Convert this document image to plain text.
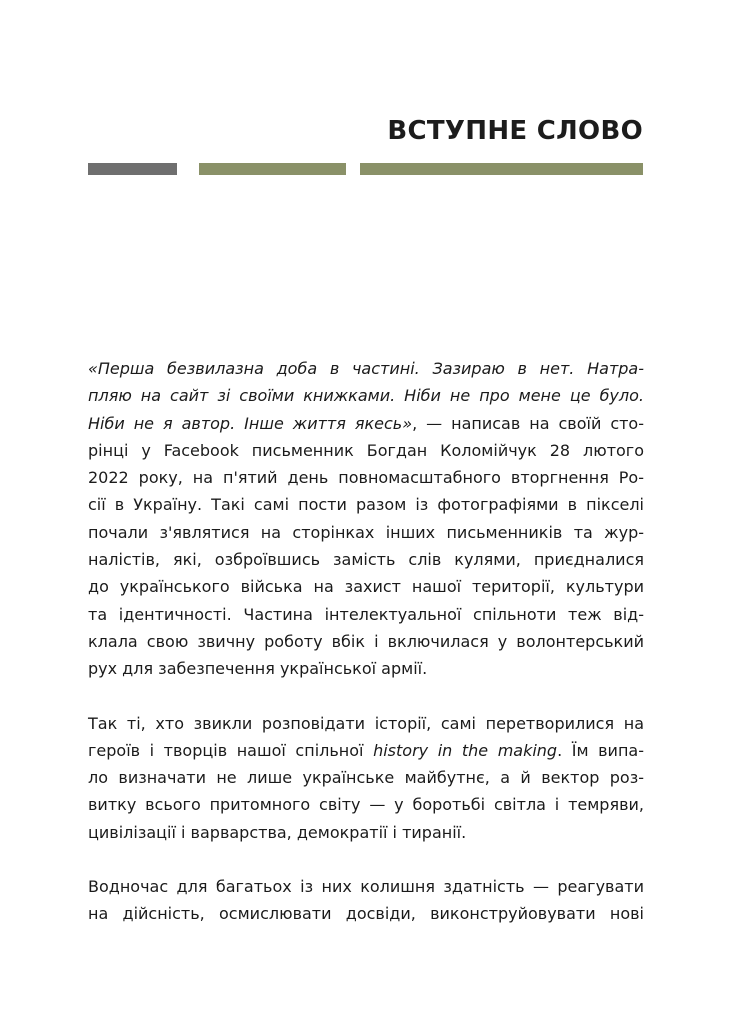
ВСТУПНЕ СЛОВО
«Перша безвилазна доба в частині. Зазираю в нет. Натра-
пляю на сайт зі своїми книжками. Ніби не про мене це було.
Ніби не я автор. Інше життя якесь», — написав на своїй сто-
рінці у Facebook письменник Богдан Коломійчук 28 лютого
2022 року, на п'ятий день повномасштабного вторгнення Ро-
сії в Україну. Такі самі пости разом із фотографіями в пікселі
почали з'являтися на сторінках інших письменників та жур-
налістів, які, озброївшись замість слів кулями, приєдналися
до українського війська на захист нашої території, культури
та ідентичності. Частина інтелектуальної спільноти теж від-
клала свою звичну роботу вбік і включилася у волонтерський
рух для забезпечення української армії.
Так ті, хто звикли розповідати історії, самі перетворилися на
героїв і творців нашої спільної history in the making. Їм випа-
ло визначати не лише українське майбутнє, а й вектор роз-
витку всього притомного світу — у боротьбі світла і темряви,
цивілізації і варварства, демократії і тиранії.
Водночас для багатьох із них колишня здатність — реагувати
на дійсність, осмислювати досвіди, виконструйовувати нові
